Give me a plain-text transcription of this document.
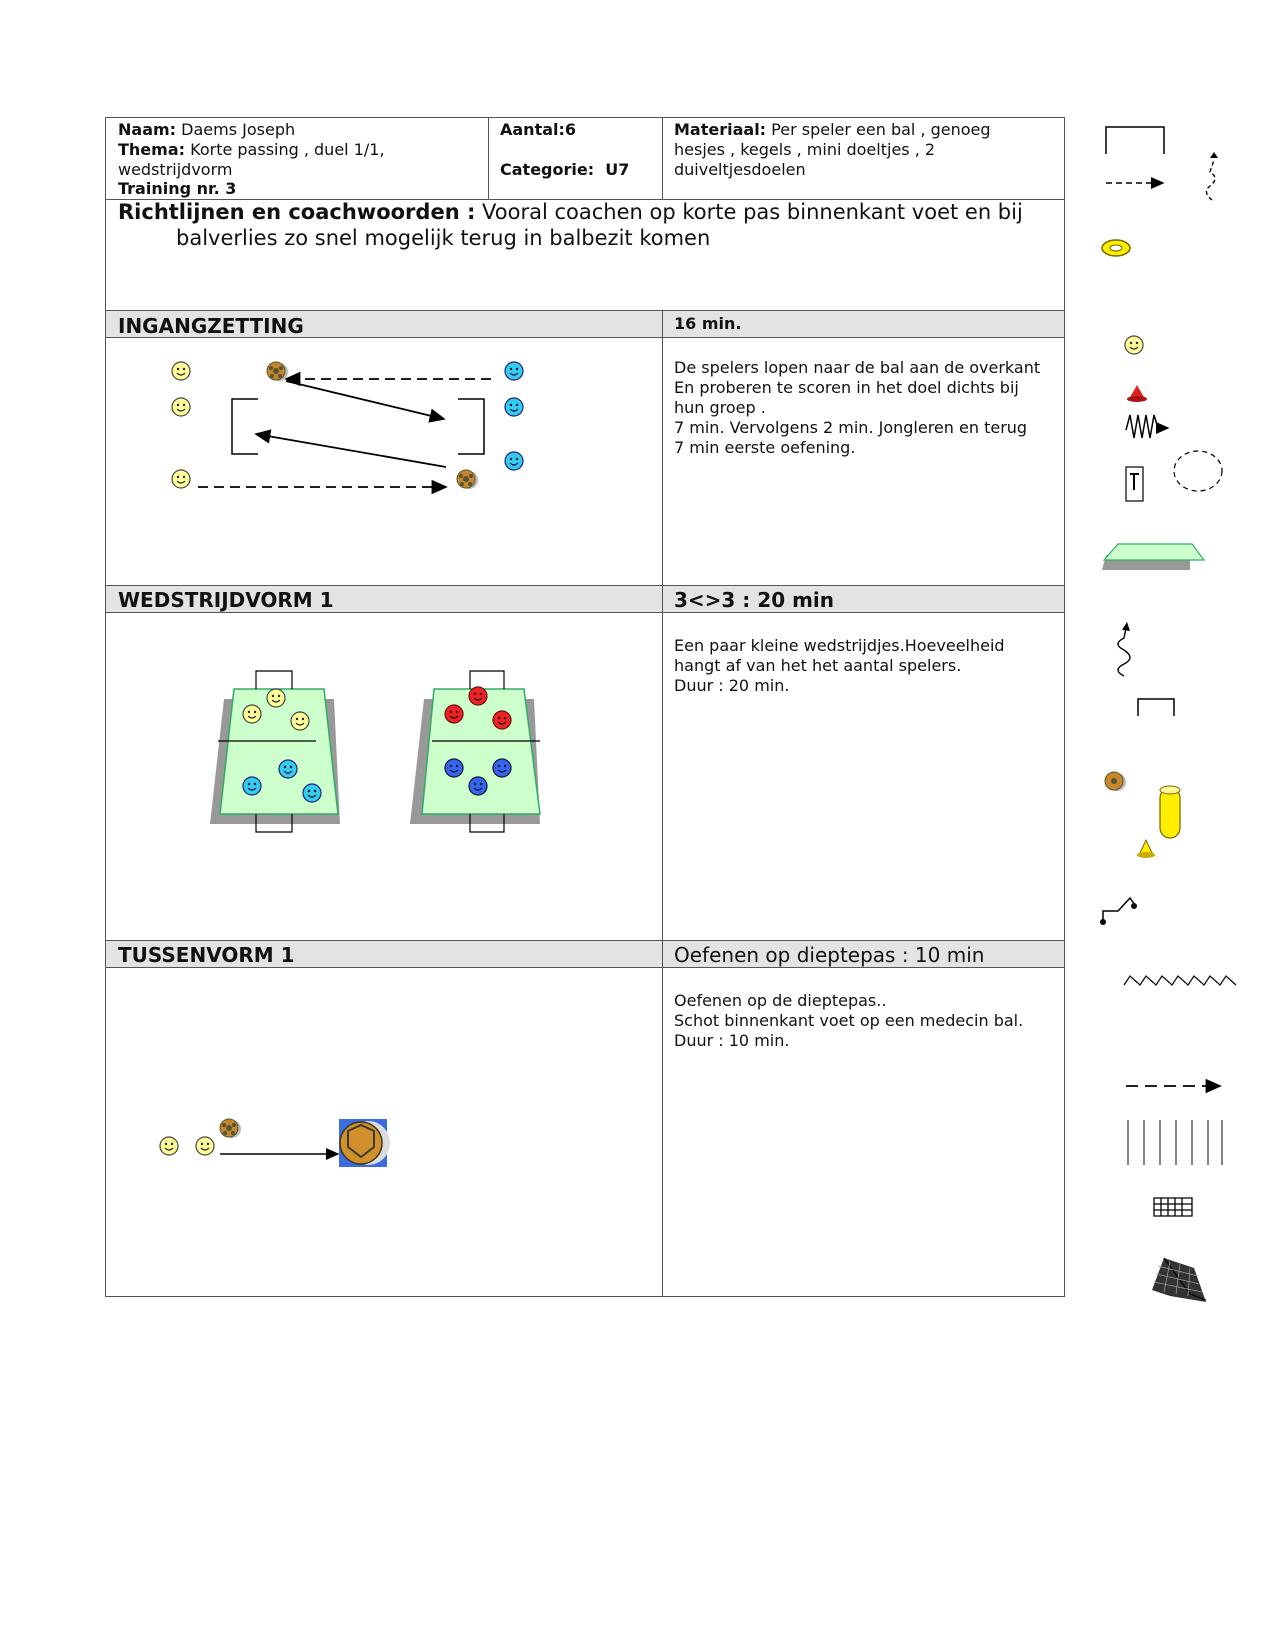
Naam: Daems Joseph
Thema: Korte passing , duel 1/1,
wedstrijdvorm
Training nr. 3
Aantal:6
Categorie: U7
Materiaal: Per speler een bal , genoeg
hesjes , kegels , mini doeltjes , 2
duiveltjesdoelen
Richtlijnen en coachwoorden : Vooral coachen op korte pas binnenkant voet en bij
balverlies zo snel mogelijk terug in balbezit komen
INGANGZETTING	16 min.
De spelers lopen naar de bal aan de overkant
En proberen te scoren in het doel dichts bij
hun groep .
7 min. Vervolgens 2 min. Jongleren en terug
7 min eerste oefening.
WEDSTRIJDVORM 1	3<>3 : 20 min
Een paar kleine wedstrijdjes.Hoeveelheid
hangt af van het het aantal spelers.
Duur : 20 min.
TUSSENVORM 1	Oefenen op dieptepas : 10 min
Oefenen op de dieptepas..
Schot binnenkant voet op een medecin bal.
Duur : 10 min.
